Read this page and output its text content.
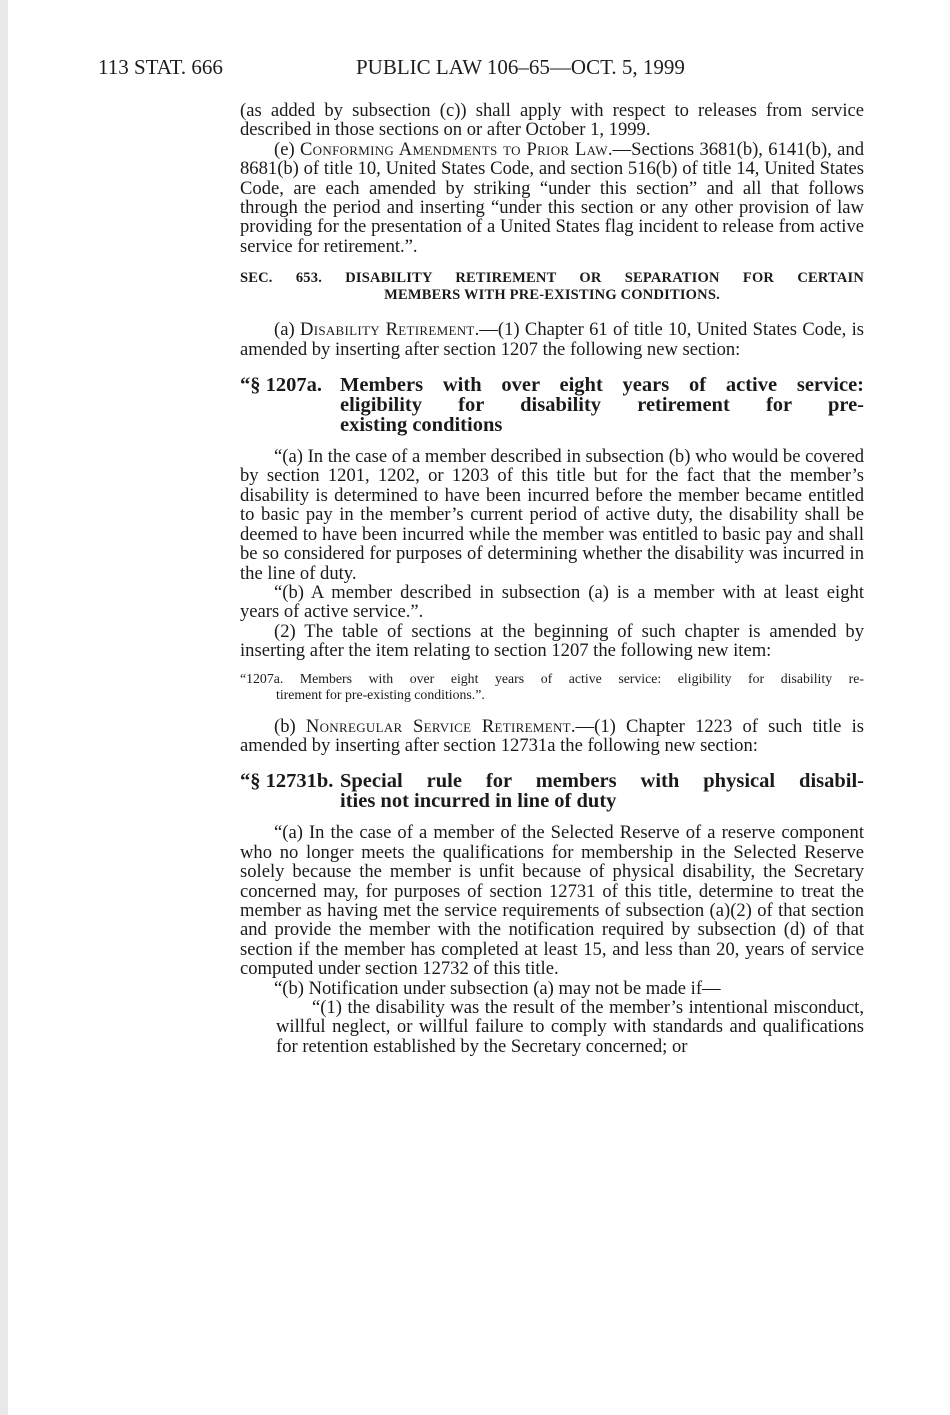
113 STAT. 666	PUBLIC LAW 106–65—OCT. 5, 1999

(as added by subsection (c)) shall apply with respect to releases from service described in those sections on or after October 1, 1999.

(e) Conforming Amendments to Prior Law.—Sections 3681(b), 6141(b), and 8681(b) of title 10, United States Code, and section 516(b) of title 14, United States Code, are each amended by striking “under this section” and all that follows through the period and inserting “under this section or any other provision of law providing for the presentation of a United States flag incident to release from active service for retirement.”.

SEC. 653. DISABILITY RETIREMENT OR SEPARATION FOR CERTAIN
MEMBERS WITH PRE-EXISTING CONDITIONS.

(a) Disability Retirement.—(1) Chapter 61 of title 10, United States Code, is amended by inserting after section 1207 the following new section:

“§ 1207a. Members with over eight years of active service:
eligibility for disability retirement for pre-
existing conditions

“(a) In the case of a member described in subsection (b) who would be covered by section 1201, 1202, or 1203 of this title but for the fact that the member’s disability is determined to have been incurred before the member became entitled to basic pay in the member’s current period of active duty, the disability shall be deemed to have been incurred while the member was entitled to basic pay and shall be so considered for purposes of determining whether the disability was incurred in the line of duty.

“(b) A member described in subsection (a) is a member with at least eight years of active service.”.

(2) The table of sections at the beginning of such chapter is amended by inserting after the item relating to section 1207 the following new item:

“1207a. Members with over eight years of active service: eligibility for disability re-
tirement for pre-existing conditions.”.

(b) Nonregular Service Retirement.—(1) Chapter 1223 of such title is amended by inserting after section 12731a the following new section:

“§ 12731b. Special rule for members with physical disabil-
ities not incurred in line of duty

“(a) In the case of a member of the Selected Reserve of a reserve component who no longer meets the qualifications for membership in the Selected Reserve solely because the member is unfit because of physical disability, the Secretary concerned may, for purposes of section 12731 of this title, determine to treat the member as having met the service requirements of subsection (a)(2) of that section and provide the member with the notification required by subsection (d) of that section if the member has completed at least 15, and less than 20, years of service computed under section 12732 of this title.

“(b) Notification under subsection (a) may not be made if—

“(1) the disability was the result of the member’s intentional misconduct, willful neglect, or willful failure to comply with standards and qualifications for retention established by the Secretary concerned; or
